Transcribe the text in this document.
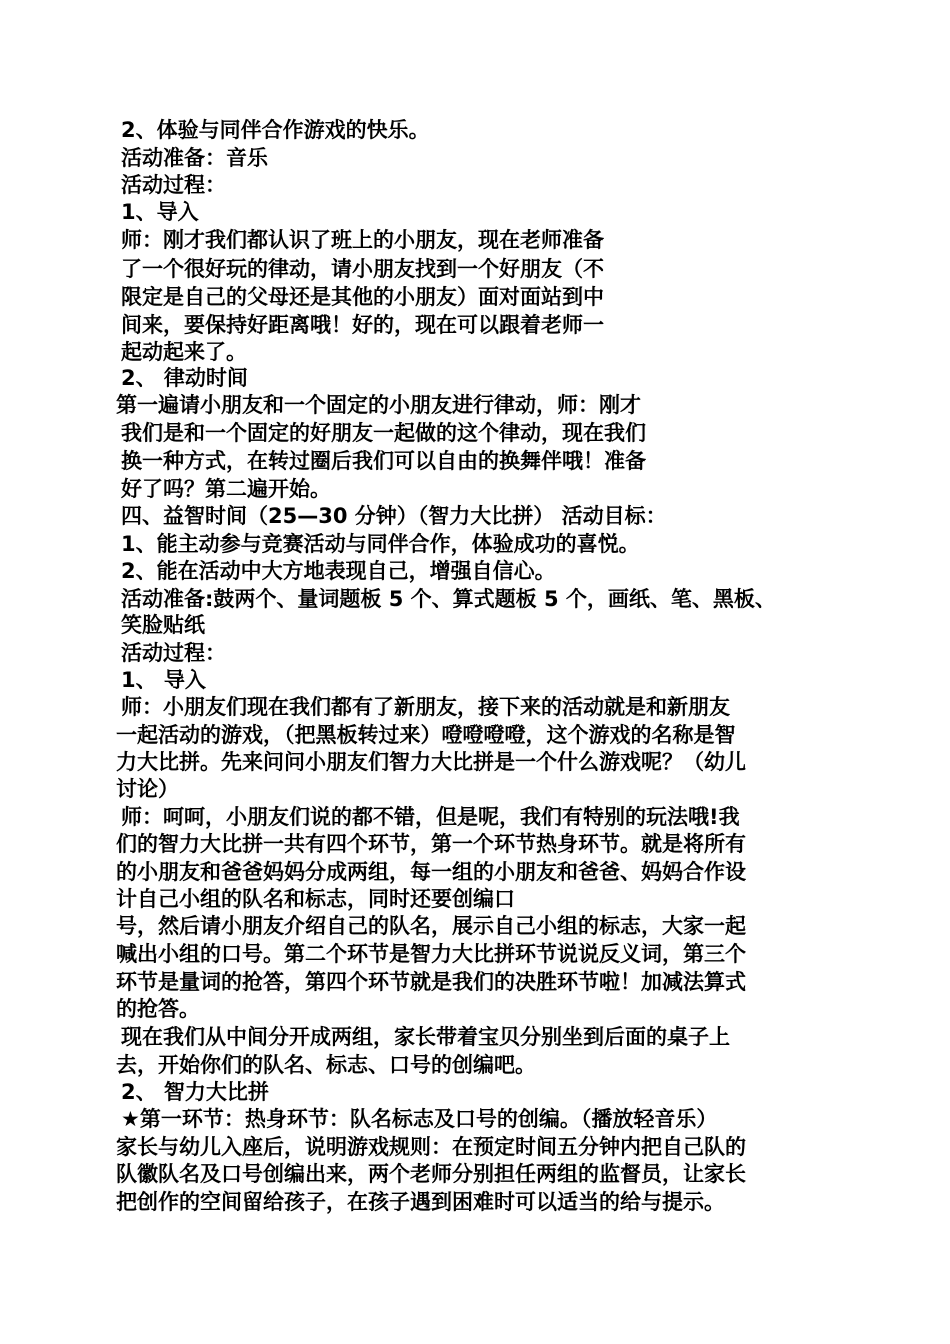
2、体验与同伴合作游戏的快乐。
活动准备：音乐
活动过程：
1、导入
师：刚才我们都认识了班上的小朋友，现在老师准备
了一个很好玩的律动，请小朋友找到一个好朋友（不
限定是自己的父母还是其他的小朋友）面对面站到中
间来，要保持好距离哦！好的，现在可以跟着老师一
起动起来了。
2、 律动时间
第一遍请小朋友和一个固定的小朋友进行律动，师：刚才
我们是和一个固定的好朋友一起做的这个律动，现在我们
换一种方式，在转过圈后我们可以自由的换舞伴哦！准备
好了吗？第二遍开始。
四、益智时间（25—30 分钟）（智力大比拼） 活动目标：
1、能主动参与竞赛活动与同伴合作，体验成功的喜悦。
2、能在活动中大方地表现自己，增强自信心。
活动准备:鼓两个、量词题板 5 个、算式题板 5 个，画纸、笔、黑板、
笑脸贴纸
活动过程：
1、 导入
师：小朋友们现在我们都有了新朋友，接下来的活动就是和新朋友
一起活动的游戏，（把黑板转过来）噔噔噔噔，这个游戏的名称是智
力大比拼。先来问问小朋友们智力大比拼是一个什么游戏呢？（幼儿
讨论）
师：呵呵，小朋友们说的都不错，但是呢，我们有特别的玩法哦!我
们的智力大比拼一共有四个环节，第一个环节热身环节。就是将所有
的小朋友和爸爸妈妈分成两组，每一组的小朋友和爸爸、妈妈合作设
计自己小组的队名和标志，同时还要创编口
号，然后请小朋友介绍自己的队名，展示自己小组的标志，大家一起
喊出小组的口号。第二个环节是智力大比拼环节说说反义词，第三个
环节是量词的抢答，第四个环节就是我们的决胜环节啦！加减法算式
的抢答。
现在我们从中间分开成两组，家长带着宝贝分别坐到后面的桌子上
去，开始你们的队名、标志、口号的创编吧。
2、 智力大比拼
★第一环节：热身环节：队名标志及口号的创编。（播放轻音乐）
家长与幼儿入座后，说明游戏规则：在预定时间五分钟内把自己队的
队徽队名及口号创编出来，两个老师分别担任两组的监督员，让家长
把创作的空间留给孩子，在孩子遇到困难时可以适当的给与提示。
